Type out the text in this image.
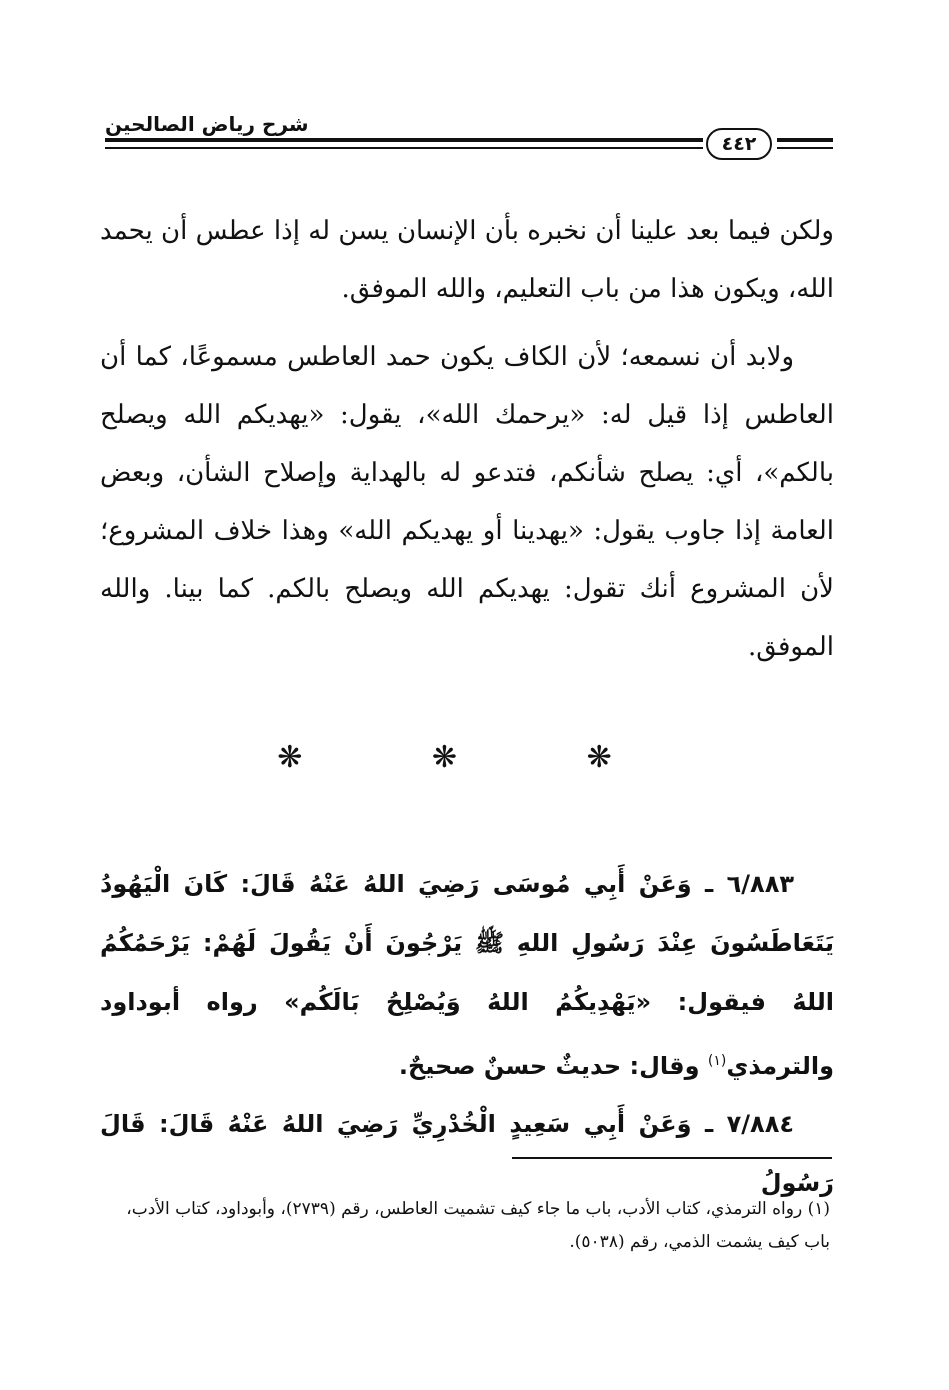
شرح رياض الصالحين
٤٤٢
ولكن فيما بعد علينا أن نخبره بأن الإنسان يسن له إذا عطس أن يحمد الله، ويكون هذا من باب التعليم، والله الموفق.
ولابد أن نسمعه؛ لأن الكاف يكون حمد العاطس مسموعًا، كما أن العاطس إذا قيل له: «يرحمك الله»، يقول: «يهديكم الله ويصلح بالكم»، أي: يصلح شأنكم، فتدعو له بالهداية وإصلاح الشأن، وبعض العامة إذا جاوب يقول: «يهدينا أو يهديكم الله» وهذا خلاف المشروع؛ لأن المشروع أنك تقول: يهديكم الله ويصلح بالكم. كما بينا. والله الموفق.
❋ ❋ ❋
٦/٨٨٣ ـ وَعَنْ أَبِي مُوسَى رَضِيَ اللهُ عَنْهُ قَالَ: كَانَ الْيَهُودُ يَتَعَاطَسُونَ عِنْدَ رَسُولِ اللهِ ﷺ يَرْجُونَ أَنْ يَقُولَ لَهُمْ: يَرْحَمُكُمُ اللهُ فيقول: «يَهْدِيكُمُ اللهُ وَيُصْلِحُ بَالَكُم» رواه أبوداود والترمذي$^{(١)}$ وقال: حديثٌ حسنٌ صحيحٌ.
٧/٨٨٤ ـ وَعَنْ أَبِي سَعِيدٍ الْخُدْرِيِّ رَضِيَ اللهُ عَنْهُ قَالَ: قَالَ رَسُولُ
(١) رواه الترمذي، كتاب الأدب، باب ما جاء كيف تشميت العاطس، رقم (٢٧٣٩)، وأبوداود، كتاب الأدب، باب كيف يشمت الذمي، رقم (٥٠٣٨).
